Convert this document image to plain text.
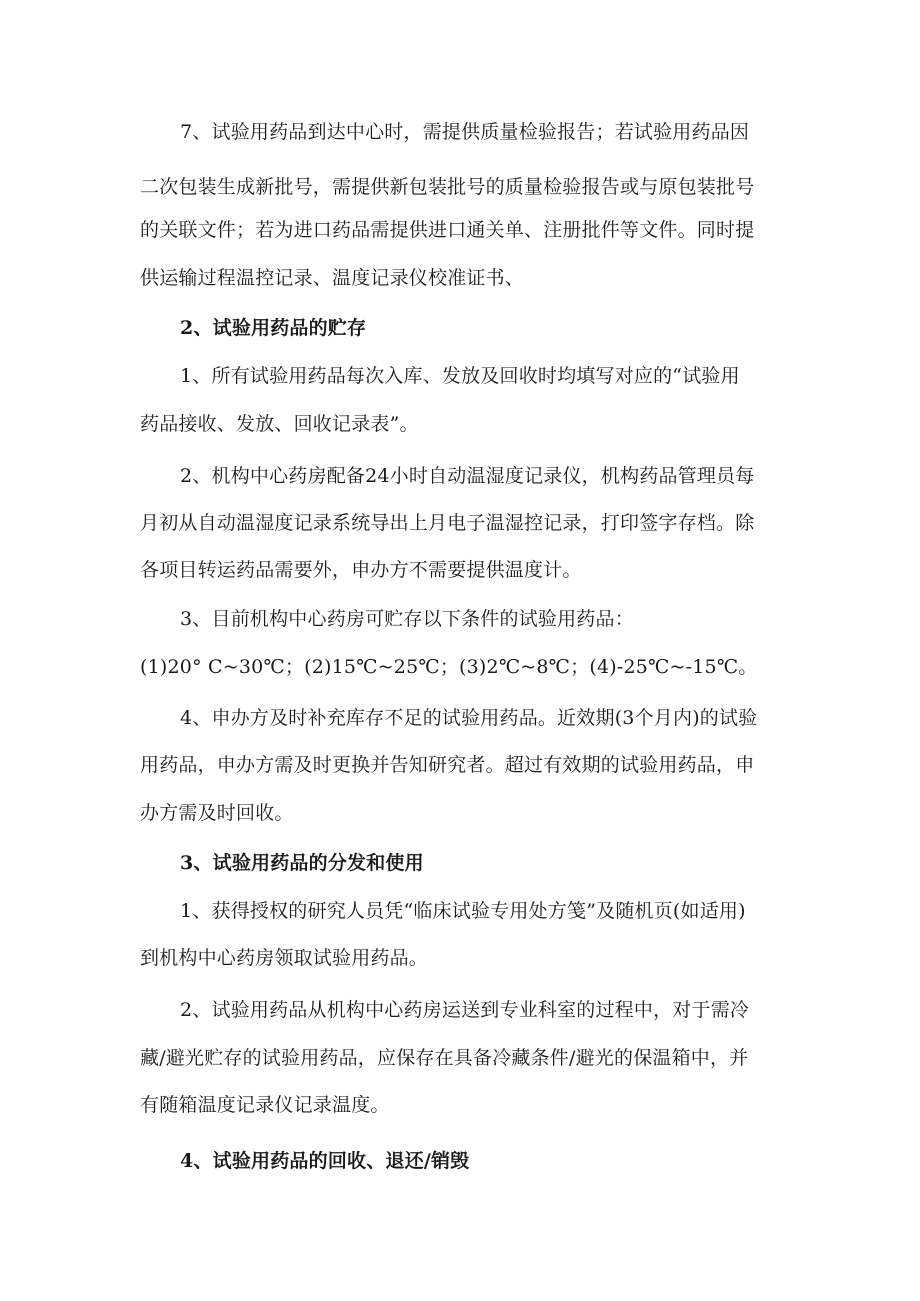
7、试验用药品到达中心时，需提供质量检验报告；若试验用药品因
二次包装生成新批号，需提供新包装批号的质量检验报告或与原包装批号
的关联文件；若为进口药品需提供进口通关单、注册批件等文件。同时提
供运输过程温控记录、温度记录仪校准证书、
2、试验用药品的贮存
1、所有试验用药品每次入库、发放及回收时均填写对应的“试验用
药品接收、发放、回收记录表”。
2、机构中心药房配备24小时自动温湿度记录仪，机构药品管理员每
月初从自动温湿度记录系统导出上月电子温湿控记录，打印签字存档。除
各项目转运药品需要外，申办方不需要提供温度计。
3、目前机构中心药房可贮存以下条件的试验用药品：
(1)20° C~30℃；(2)15℃~25℃；(3)2℃~8℃；(4)-25℃~-15℃。
4、申办方及时补充库存不足的试验用药品。近效期(3个月内)的试验
用药品，申办方需及时更换并告知研究者。超过有效期的试验用药品，申
办方需及时回收。
3、试验用药品的分发和使用
1、获得授权的研究人员凭“临床试验专用处方笺”及随机页(如适用)
到机构中心药房领取试验用药品。
2、试验用药品从机构中心药房运送到专业科室的过程中，对于需冷
藏/避光贮存的试验用药品，应保存在具备冷藏条件/避光的保温箱中，并
有随箱温度记录仪记录温度。
4、试验用药品的回收、退还/销毁
